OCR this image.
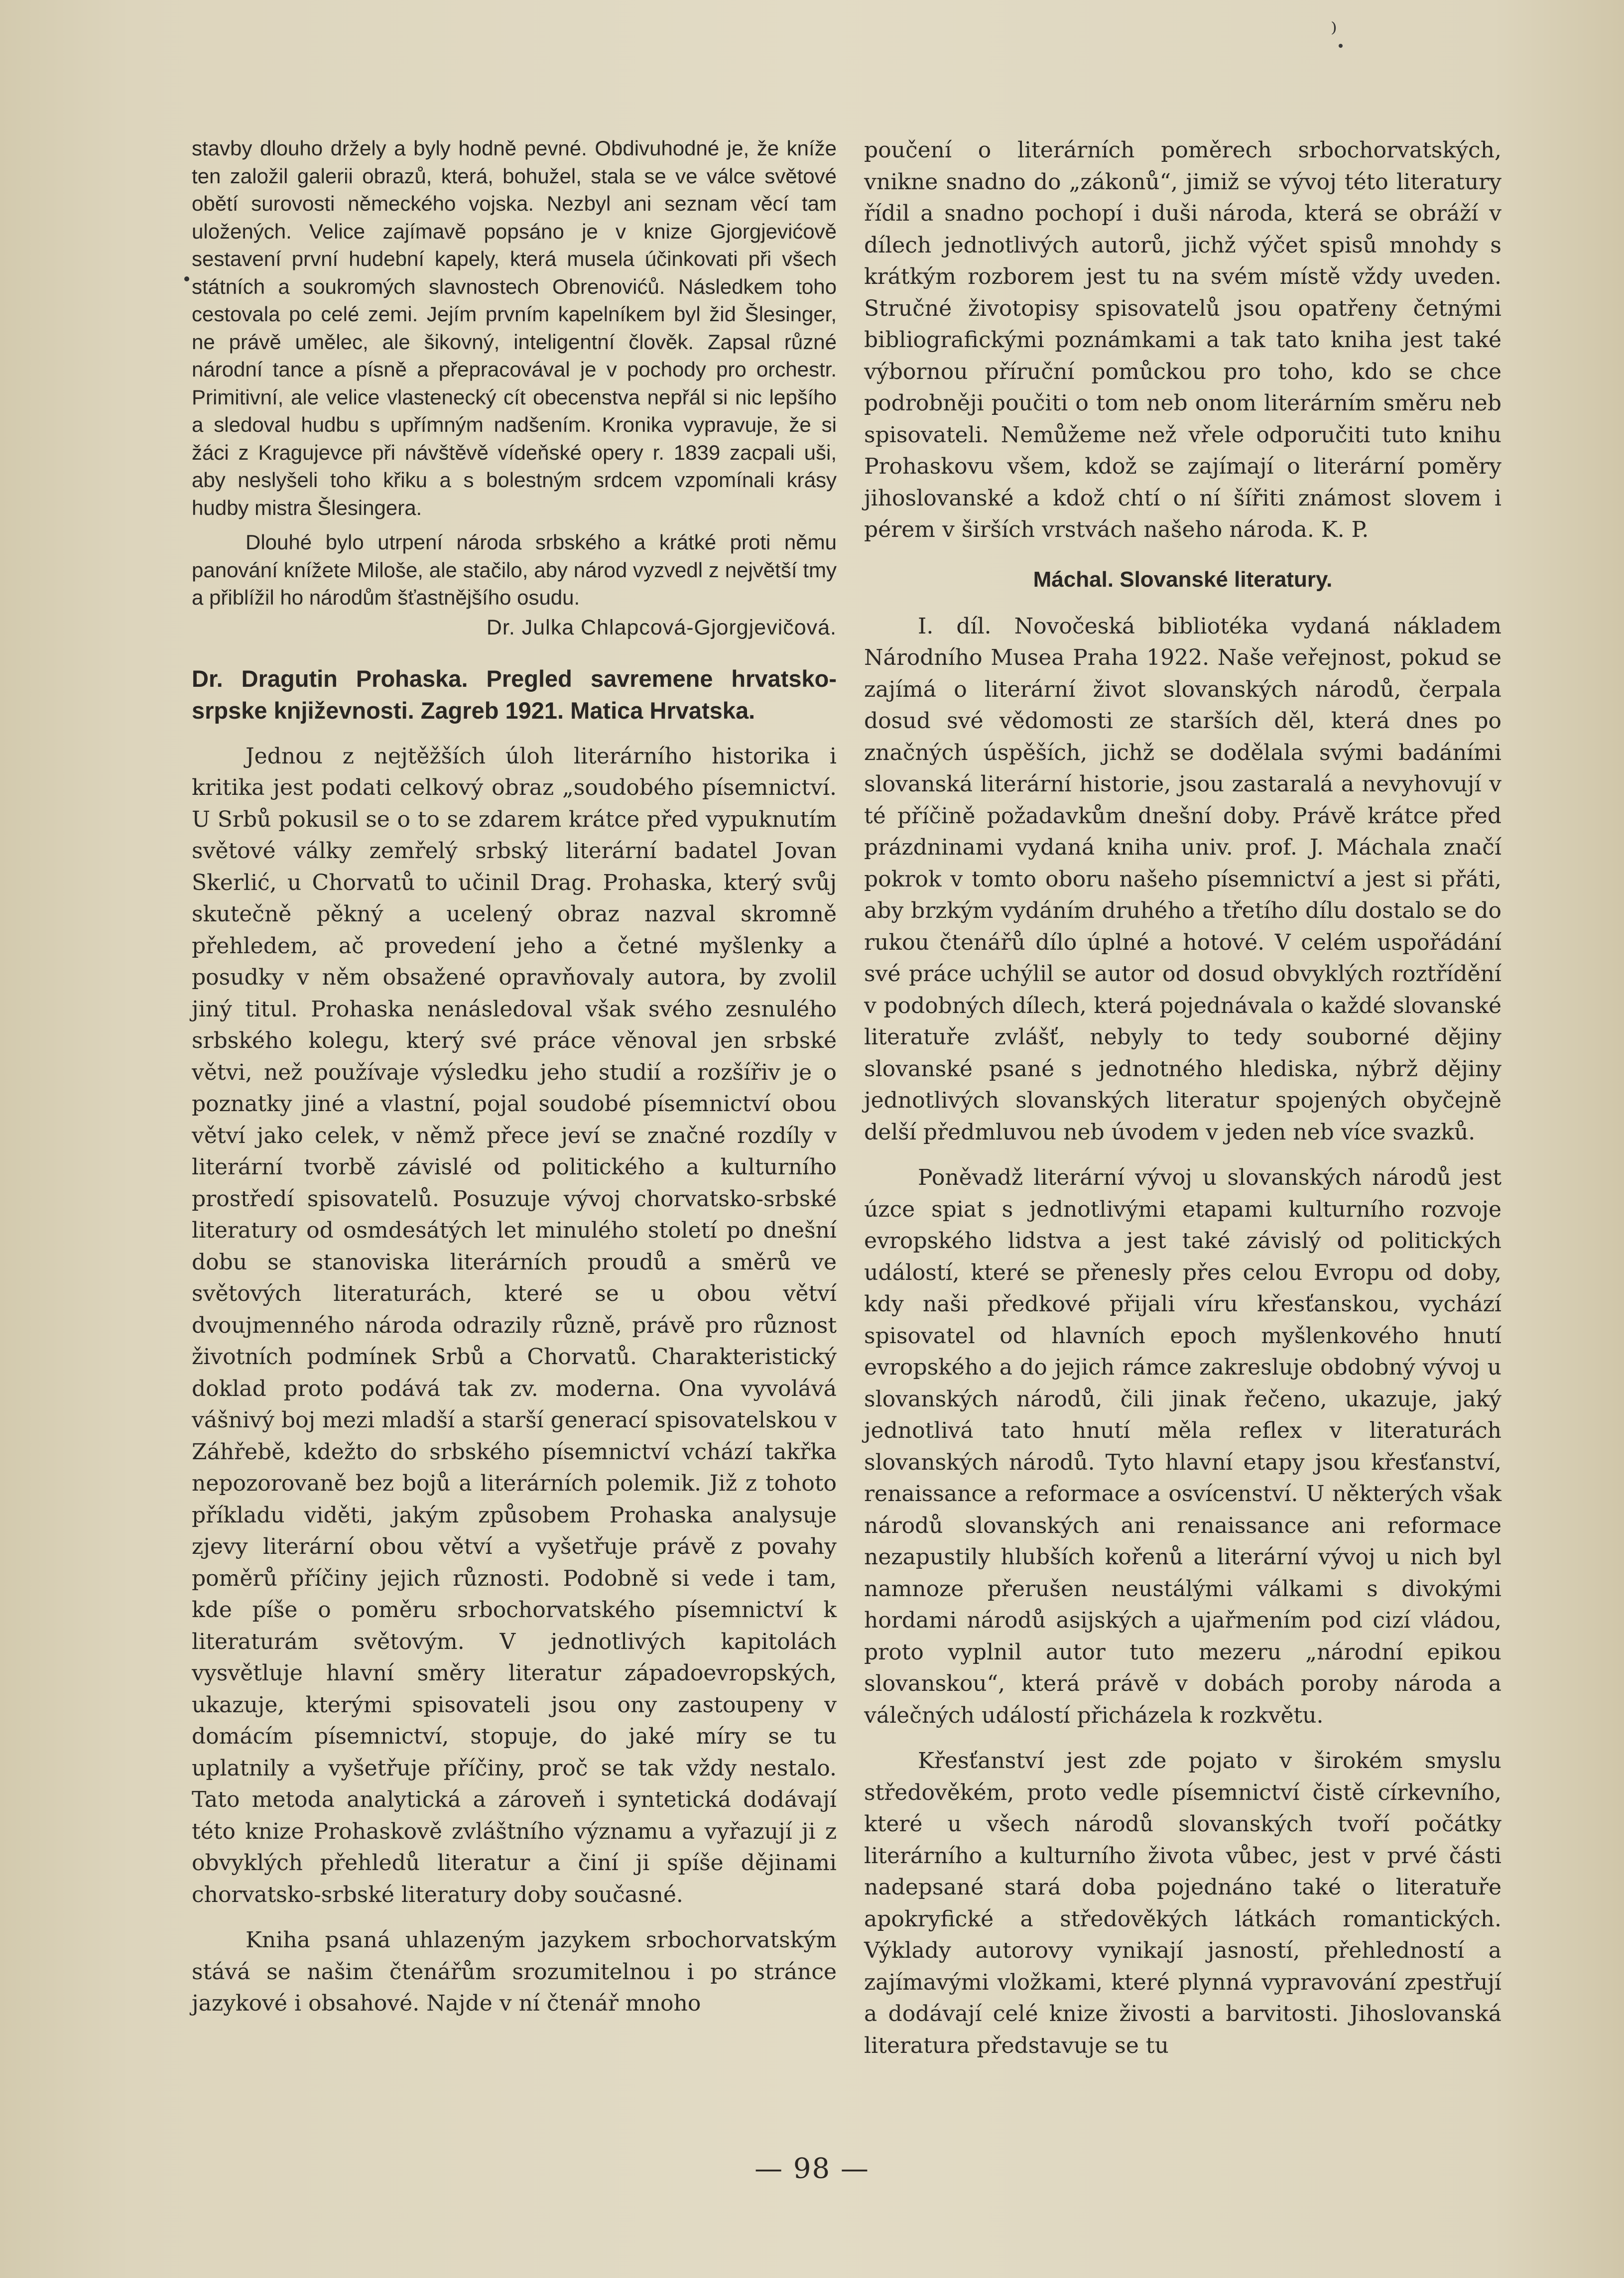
⁾

stavby dlouho držely a byly hodně pevné. Obdivuhodné je, že kníže ten založil galerii obrazů, která, bohužel, stala se ve válce světové obětí surovosti německého vojska. Nezbyl ani seznam věcí tam uložených. Velice zajímavě popsáno je v knize Gjorgjevićově sestavení první hudební kapely, která musela účinkovati při všech státních a soukromých slavnostech Obrenovićů. Následkem toho cestovala po celé zemi. Jejím prvním kapelníkem byl žid Šlesinger, ne právě umělec, ale šikovný, inteligentní člověk. Zapsal různé národní tance a písně a přepracovával je v pochody pro orchestr. Primitivní, ale velice vlastenecký cít obecenstva nepřál si nic lepšího a sledoval hudbu s upřímným nadšením. Kronika vypravuje, že si žáci z Kragujevce při návštěvě vídeňské opery r. 1839 zacpali uši, aby neslyšeli toho křiku a s bolestným srdcem vzpomínali krásy hudby mistra Šlesingera.

Dlouhé bylo utrpení národa srbského a krátké proti němu panování knížete Miloše, ale stačilo, aby národ vyzvedl z největší tmy a přiblížil ho národům šťastnějšího osudu.

Dr. Julka Chlapcová-Gjorgjevičová.

Dr. Dragutin Prohaska. Pregled savremene hrvatsko-srpske književnosti. Zagreb 1921. Matica Hrvatska.

Jednou z nejtěžších úloh literárního historika i kritika jest podati celkový obraz „soudobého písemnictví. U Srbů pokusil se o to se zdarem krátce před vypuknutím světové války zemřelý srbský literární badatel Jovan Skerlić, u Chorvatů to učinil Drag. Prohaska, který svůj skutečně pěkný a ucelený obraz nazval skromně přehledem, ač provedení jeho a četné myšlenky a posudky v něm obsažené opravňovaly autora, by zvolil jiný titul. Prohaska nenásledoval však svého zesnulého srbského kolegu, který své práce věnoval jen srbské větvi, než používaje výsledku jeho studií a rozšířiv je o poznatky jiné a vlastní, pojal soudobé písemnictví obou větví jako celek, v němž přece jeví se značné rozdíly v literární tvorbě závislé od politického a kulturního prostředí spisovatelů. Posuzuje vývoj chorvatsko-srbské literatury od osmdesátých let minulého století po dnešní dobu se stanoviska literárních proudů a směrů ve světových literaturách, které se u obou větví dvoujmenného národa odrazily různě, právě pro různost životních podmínek Srbů a Chorvatů. Charakteristický doklad proto podává tak zv. moderna. Ona vyvolává vášnivý boj mezi mladší a starší generací spisovatelskou v Záhřebě, kdežto do srbského písemnictví vchází takřka nepozorovaně bez bojů a literárních polemik. Již z tohoto příkladu viděti, jakým způsobem Prohaska analysuje zjevy literární obou větví a vyšetřuje právě z povahy poměrů příčiny jejich různosti. Podobně si vede i tam, kde píše o poměru srbochorvatského písemnictví k literaturám světovým. V jednotlivých kapitolách vysvětluje hlavní směry literatur západoevropských, ukazuje, kterými spisovateli jsou ony zastoupeny v domácím písemnictví, stopuje, do jaké míry se tu uplatnily a vyšetřuje příčiny, proč se tak vždy nestalo. Tato metoda analytická a zároveň i syntetická dodávají této knize Prohaskově zvláštního významu a vyřazují ji z obvyklých přehledů literatur a činí ji spíše dějinami chorvatsko-srbské literatury doby současné.

Kniha psaná uhlazeným jazykem srbochorvatským stává se našim čtenářům srozumitelnou i po stránce jazykové i obsahové. Najde v ní čtenář mnoho

poučení o literárních poměrech srbochorvatských, vnikne snadno do „zákonů“, jimiž se vývoj této literatury řídil a snadno pochopí i duši národa, která se obráží v dílech jednotlivých autorů, jichž výčet spisů mnohdy s krátkým rozborem jest tu na svém místě vždy uveden. Stručné životopisy spisovatelů jsou opatřeny četnými bibliografickými poznámkami a tak tato kniha jest také výbornou příruční pomůckou pro toho, kdo se chce podrobněji poučiti o tom neb onom literárním směru neb spisovateli. Nemůžeme než vřele odporučiti tuto knihu Prohaskovu všem, kdož se zajímají o literární poměry jihoslovanské a kdož chtí o ní šířiti známost slovem i pérem v širších vrstvách našeho národa. K. P.

Máchal. Slovanské literatury.

I. díl. Novočeská bibliotéka vydaná nákladem Národního Musea Praha 1922. Naše veřejnost, pokud se zajímá o literární život slovanských národů, čerpala dosud své vědomosti ze starších děl, která dnes po značných úspěších, jichž se dodělala svými badáními slovanská literární historie, jsou zastaralá a nevyhovují v té příčině požadavkům dnešní doby. Právě krátce před prázdninami vydaná kniha univ. prof. J. Máchala značí pokrok v tomto oboru našeho písemnictví a jest si přáti, aby brzkým vydáním druhého a třetího dílu dostalo se do rukou čtenářů dílo úplné a hotové. V celém uspořádání své práce uchýlil se autor od dosud obvyklých roztřídění v podobných dílech, která pojednávala o každé slovanské literatuře zvlášť, nebyly to tedy souborné dějiny slovanské psané s jednotného hlediska, nýbrž dějiny jednotlivých slovanských literatur spojených obyčejně delší předmluvou neb úvodem v jeden neb více svazků.

Poněvadž literární vývoj u slovanských národů jest úzce spiat s jednotlivými etapami kulturního rozvoje evropského lidstva a jest také závislý od politických událostí, které se přenesly přes celou Evropu od doby, kdy naši předkové přijali víru křesťanskou, vychází spisovatel od hlavních epoch myšlenkového hnutí evropského a do jejich rámce zakresluje obdobný vývoj u slovanských národů, čili jinak řečeno, ukazuje, jaký jednotlivá tato hnutí měla reflex v literaturách slovanských národů. Tyto hlavní etapy jsou křesťanství, renaissance a reformace a osvícenství. U některých však národů slovanských ani renaissance ani reformace nezapustily hlubších kořenů a literární vývoj u nich byl namnoze přerušen neustálými válkami s divokými hordami národů asijských a ujařmením pod cizí vládou, proto vyplnil autor tuto mezeru „národní epikou slovanskou“, která právě v dobách poroby národa a válečných událostí přicházela k rozkvětu.

Křesťanství jest zde pojato v širokém smyslu středověkém, proto vedle písemnictví čistě církevního, které u všech národů slovanských tvoří počátky literárního a kulturního života vůbec, jest v prvé části nadepsané stará doba pojednáno také o literatuře apokryfické a středověkých látkách romantických. Výklady autorovy vynikají jasností, přehledností a zajímavými vložkami, které plynná vypravování zpestřují a dodávají celé knize živosti a barvitosti. Jihoslovanská literatura představuje se tu

— 98 —
